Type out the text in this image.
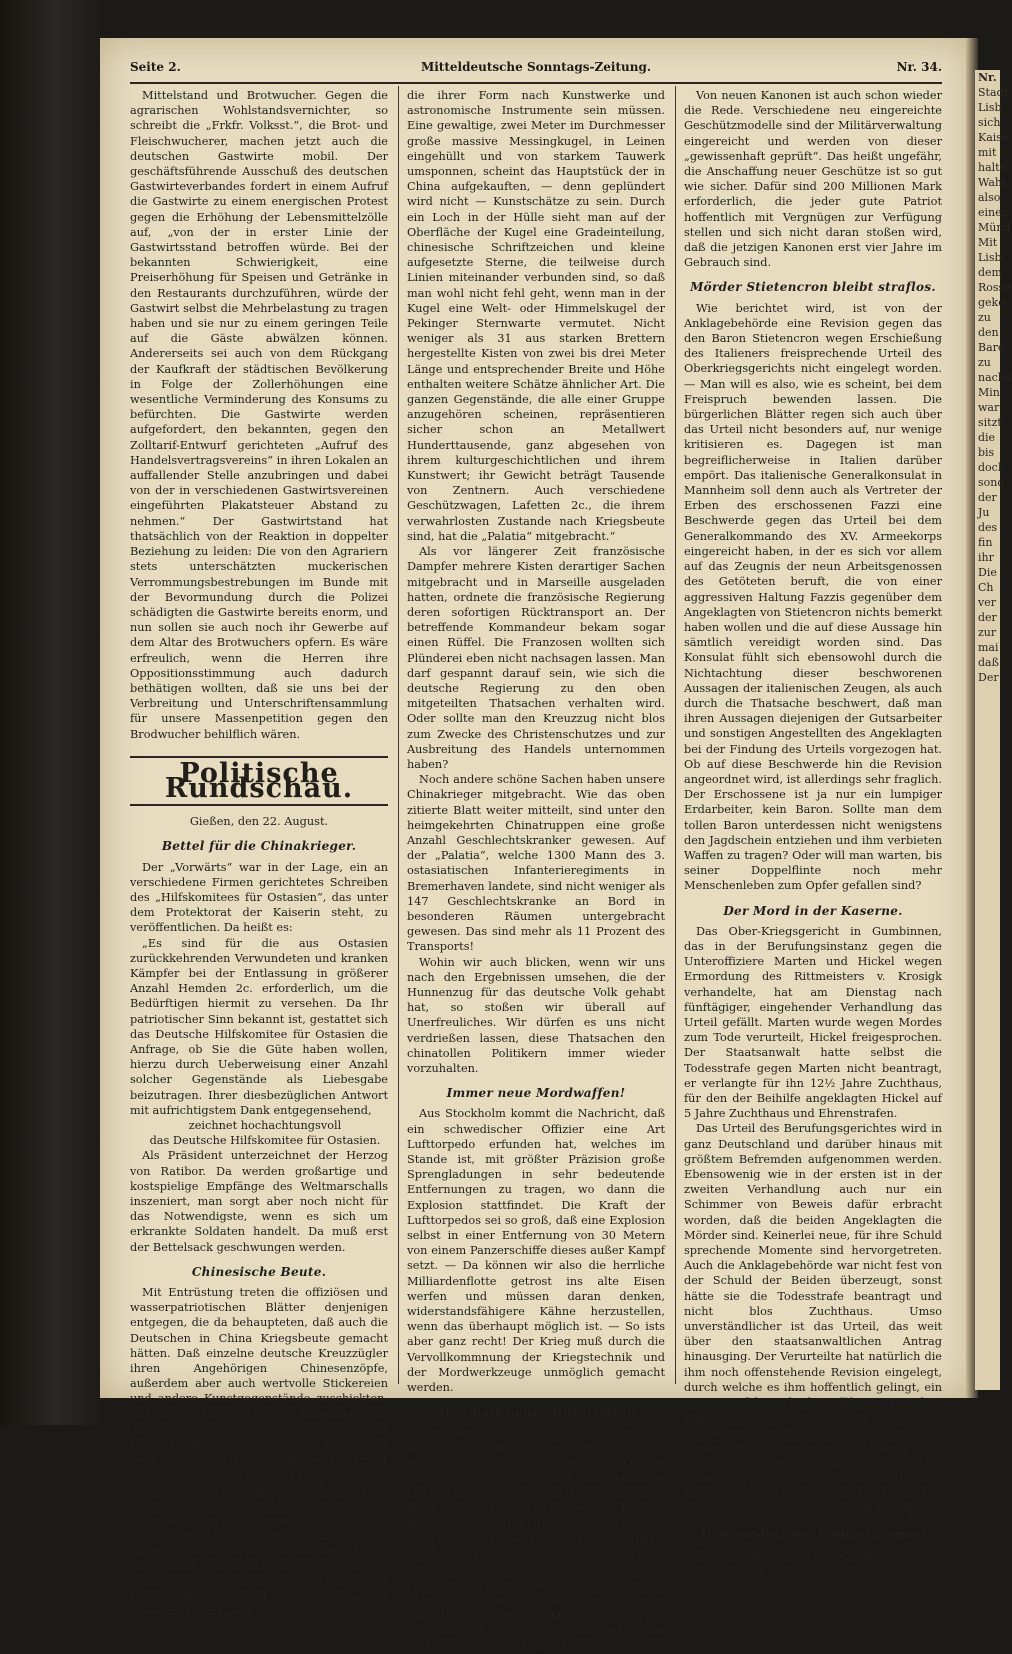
Seite 2.	Mitteldeutsche Sonntags-Zeitung.	Nr. 34.

Mittelstand und Brotwucher. Gegen die agrarischen Wohlstandsvernichter, so schreibt die „Frkfr. Volksst.“, die Brot- und Fleischwucherer, machen jetzt auch die deutschen Gastwirte mobil. Der geschäftsführende Ausschuß des deutschen Gastwirteverbandes fordert in einem Aufruf die Gastwirte zu einem energischen Protest gegen die Erhöhung der Lebensmittelzölle auf, „von der in erster Linie der Gastwirtsstand betroffen würde. Bei der bekannten Schwierigkeit, eine Preiserhöhung für Speisen und Getränke in den Restaurants durchzuführen, würde der Gastwirt selbst die Mehrbelastung zu tragen haben und sie nur zu einem geringen Teile auf die Gäste abwälzen können. Andererseits sei auch von dem Rückgang der Kaufkraft der städtischen Bevölkerung in Folge der Zollerhöhungen eine wesentliche Verminderung des Konsums zu befürchten. Die Gastwirte werden aufgefordert, den bekannten, gegen den Zolltarif-Entwurf gerichteten „Aufruf des Handelsvertragsvereins“ in ihren Lokalen an auffallender Stelle anzubringen und dabei von der in verschiedenen Gastwirtsvereinen eingeführten Plakatsteuer Abstand zu nehmen.“ Der Gastwirtstand hat thatsächlich von der Reaktion in doppelter Beziehung zu leiden: Die von den Agrariern stets unterschätzten muckerischen Verrommungsbestrebungen im Bunde mit der Bevormundung durch die Polizei schädigten die Gastwirte bereits enorm, und nun sollen sie auch noch ihr Gewerbe auf dem Altar des Brotwuchers opfern. Es wäre erfreulich, wenn die Herren ihre Oppositionsstimmung auch dadurch bethätigen wollten, daß sie uns bei der Verbreitung und Unterschriftensammlung für unsere Massenpetition gegen den Brodwucher behilflich wären.

Politische Rundschau.
Gießen, den 22. August.
Bettel für die Chinakrieger.

Der „Vorwärts“ war in der Lage, ein an verschiedene Firmen gerichtetes Schreiben des „Hilfskomitees für Ostasien“, das unter dem Protektorat der Kaiserin steht, zu veröffentlichen. Da heißt es:

„Es sind für die aus Ostasien zurückkehrenden Verwundeten und kranken Kämpfer bei der Entlassung in größerer Anzahl Hemden 2c. erforderlich, um die Bedürftigen hiermit zu versehen. Da Ihr patriotischer Sinn bekannt ist, gestattet sich das Deutsche Hilfskomitee für Ostasien die Anfrage, ob Sie die Güte haben wollen, hierzu durch Ueberweisung einer Anzahl solcher Gegenstände als Liebesgabe beizutragen. Ihrer diesbezüglichen Antwort mit aufrichtigstem Dank entgegensehend,

zeichnet hochachtungsvoll

das Deutsche Hilfskomitee für Ostasien.

Als Präsident unterzeichnet der Herzog von Ratibor. Da werden großartige und kostspielige Empfänge des Weltmarschalls inszeniert, man sorgt aber noch nicht für das Notwendigste, wenn es sich um erkrankte Soldaten handelt. Da muß erst der Bettelsack geschwungen werden.

Chinesische Beute.

Mit Entrüstung treten die offiziösen und wasserpatriotischen Blätter denjenigen entgegen, die da behaupteten, daß auch die Deutschen in China Kriegsbeute gemacht hätten. Daß einzelne deutsche Kreuzzügler ihren Angehörigen Chinesenzöpfe, außerdem aber auch wertvolle Stickereien und andere Kunstgegenstände zuschickten, ist bekannt. Das sind lauter „Andenken“, die dankbare Chinesen den braven Hunnenkriegern verehrten. Es giebt aber auch noch andere Kriegsbeute. Ueber merkwürdige, von den zurückgekehrten Chinadampfern in Wilhelmshaven ausgeladene Frachtstücke berichtet die „Norddeutsche Volksstimme“:

„Auf der Kaje vor dem Schiffe, das im Kaiserhafen am Barbarossaplatz liegt, lagert eine große Anzahl teils in Stroh, Roßhaar, Wolle und Segeltuch eingeschnürter, teils in Holzkisten gut verpackter Messinggegenstände

die ihrer Form nach Kunstwerke und astronomische Instrumente sein müssen. Eine gewaltige, zwei Meter im Durchmesser große massive Messingkugel, in Leinen eingehüllt und von starkem Tauwerk umsponnen, scheint das Hauptstück der in China aufgekauften, — denn geplündert wird nicht — Kunstschätze zu sein. Durch ein Loch in der Hülle sieht man auf der Oberfläche der Kugel eine Gradeinteilung, chinesische Schriftzeichen und kleine aufgesetzte Sterne, die teilweise durch Linien miteinander verbunden sind, so daß man wohl nicht fehl geht, wenn man in der Kugel eine Welt- oder Himmelskugel der Pekinger Sternwarte vermutet. Nicht weniger als 31 aus starken Brettern hergestellte Kisten von zwei bis drei Meter Länge und entsprechender Breite und Höhe enthalten weitere Schätze ähnlicher Art. Die ganzen Gegenstände, die alle einer Gruppe anzugehören scheinen, repräsentieren sicher schon an Metallwert Hunderttausende, ganz abgesehen von ihrem kulturgeschichtlichen und ihrem Kunstwert; ihr Gewicht beträgt Tausende von Zentnern. Auch verschiedene Geschützwagen, Lafetten 2c., die ihrem verwahrlosten Zustande nach Kriegsbeute sind, hat die „Palatia“ mitgebracht.“

Als vor längerer Zeit französische Dampfer mehrere Kisten derartiger Sachen mitgebracht und in Marseille ausgeladen hatten, ordnete die französische Regierung deren sofortigen Rücktransport an. Der betreffende Kommandeur bekam sogar einen Rüffel. Die Franzosen wollten sich Plünderei eben nicht nachsagen lassen. Man darf gespannt darauf sein, wie sich die deutsche Regierung zu den oben mitgeteilten Thatsachen verhalten wird. Oder sollte man den Kreuzzug nicht blos zum Zwecke des Christenschutzes und zur Ausbreitung des Handels unternommen haben?

Noch andere schöne Sachen haben unsere Chinakrieger mitgebracht. Wie das oben zitierte Blatt weiter mitteilt, sind unter den heimgekehrten Chinatruppen eine große Anzahl Geschlechtskranker gewesen. Auf der „Palatia“, welche 1300 Mann des 3. ostasiatischen Infanterieregiments in Bremerhaven landete, sind nicht weniger als 147 Geschlechtskranke an Bord in besonderen Räumen untergebracht gewesen. Das sind mehr als 11 Prozent des Transports!

Wohin wir auch blicken, wenn wir uns nach den Ergebnissen umsehen, die der Hunnenzug für das deutsche Volk gehabt hat, so stoßen wir überall auf Unerfreuliches. Wir dürfen es uns nicht verdrießen lassen, diese Thatsachen den chinatollen Politikern immer wieder vorzuhalten.

Immer neue Mordwaffen!

Aus Stockholm kommt die Nachricht, daß ein schwedischer Offizier eine Art Lufttorpedo erfunden hat, welches im Stande ist, mit größter Präzision große Sprengladungen in sehr bedeutende Entfernungen zu tragen, wo dann die Explosion stattfindet. Die Kraft der Lufttorpedos sei so groß, daß eine Explosion selbst in einer Entfernung von 30 Metern von einem Panzerschiffe dieses außer Kampf setzt. — Da können wir also die herrliche Milliardenflotte getrost ins alte Eisen werfen und müssen daran denken, widerstandsfähigere Kähne herzustellen, wenn das überhaupt möglich ist. — So ists aber ganz recht! Der Krieg muß durch die Vervollkommnung der Kriegstechnik und der Mordwerkzeuge unmöglich gemacht werden.

Abermals neue Militärlasten

sollen dem deutschen Michel aufgehalst werden. Wie ein Berliner Blatt mitteilt, ist man in den maßgebenden Kreisen überzeugt, daß uns eine Kolonialarmee „bitter notwendig“ sei und die Schaffung einer solchen habe bereits greifbare Formen angenommen. Blos die Geldfrage macht noch Schwierigkeiten, was wir gerne glauben. Für das Volk aber eröffnen sich nette Aussichten. Verteuerung aller Lebensmittel durch die Zölle und indirekte Steuern, dabei immerwährend neue Militärforderungen! Das zeigt, wie rücksichtslos der Militärstaat die Volksinteressen mit Füßen tritt.

Von neuen Kanonen ist auch schon wieder die Rede. Verschiedene neu eingereichte Geschützmodelle sind der Militärverwaltung eingereicht und werden von dieser „gewissenhaft geprüft“. Das heißt ungefähr, die Anschaffung neuer Geschütze ist so gut wie sicher. Dafür sind 200 Millionen Mark erforderlich, die jeder gute Patriot hoffentlich mit Vergnügen zur Verfügung stellen und sich nicht daran stoßen wird, daß die jetzigen Kanonen erst vier Jahre im Gebrauch sind.

Mörder Stietencron bleibt straflos.

Wie berichtet wird, ist von der Anklagebehörde eine Revision gegen das den Baron Stietencron wegen Erschießung des Italieners freisprechende Urteil des Oberkriegsgerichts nicht eingelegt worden. — Man will es also, wie es scheint, bei dem Freispruch bewenden lassen. Die bürgerlichen Blätter regen sich auch über das Urteil nicht besonders auf, nur wenige kritisieren es. Dagegen ist man begreiflicherweise in Italien darüber empört. Das italienische Generalkonsulat in Mannheim soll denn auch als Vertreter der Erben des erschossenen Fazzi eine Beschwerde gegen das Urteil bei dem Generalkommando des XV. Armeekorps eingereicht haben, in der es sich vor allem auf das Zeugnis der neun Arbeitsgenossen des Getöteten beruft, die von einer aggressiven Haltung Fazzis gegenüber dem Angeklagten von Stietencron nichts bemerkt haben wollen und die auf diese Aussage hin sämtlich vereidigt worden sind. Das Konsulat fühlt sich ebensowohl durch die Nichtachtung dieser beschworenen Aussagen der italienischen Zeugen, als auch durch die Thatsache beschwert, daß man ihren Aussagen diejenigen der Gutsarbeiter und sonstigen Angestellten des Angeklagten bei der Findung des Urteils vorgezogen hat. Ob auf diese Beschwerde hin die Revision angeordnet wird, ist allerdings sehr fraglich. Der Erschossene ist ja nur ein lumpiger Erdarbeiter, kein Baron. Sollte man dem tollen Baron unterdessen nicht wenigstens den Jagdschein entziehen und ihm verbieten Waffen zu tragen? Oder will man warten, bis seiner Doppelflinte noch mehr Menschenleben zum Opfer gefallen sind?

Der Mord in der Kaserne.

Das Ober-Kriegsgericht in Gumbinnen, das in der Berufungsinstanz gegen die Unteroffiziere Marten und Hickel wegen Ermordung des Rittmeisters v. Krosigk verhandelte, hat am Dienstag nach fünftägiger, eingehender Verhandlung das Urteil gefällt. Marten wurde wegen Mordes zum Tode verurteilt, Hickel freigesprochen. Der Staatsanwalt hatte selbst die Todesstrafe gegen Marten nicht beantragt, er verlangte für ihn 12½ Jahre Zuchthaus, für den der Beihilfe angeklagten Hickel auf 5 Jahre Zuchthaus und Ehrenstrafen.

Das Urteil des Berufungsgerichtes wird in ganz Deutschland und darüber hinaus mit größtem Befremden aufgenommen werden. Ebensowenig wie in der ersten ist in der zweiten Verhandlung auch nur ein Schimmer von Beweis dafür erbracht worden, daß die beiden Angeklagten die Mörder sind. Keinerlei neue, für ihre Schuld sprechende Momente sind hervorgetreten. Auch die Anklagebehörde war nicht fest von der Schuld der Beiden überzeugt, sonst hätte sie die Todesstrafe beantragt und nicht blos Zuchthaus. Umso unverständlicher ist das Urteil, das weit über den staatsanwaltlichen Antrag hinausging. Der Verurteilte hat natürlich die ihm noch offenstehende Revision eingelegt, durch welche es ihm hoffentlich gelingt, ein neues Verfahren herbeizuführen. Trotzdem gegen früher in dem Militärgerichtsverfahren manche Verbesserung eingetreten ist, krankt doch die neue Strafgerichtsordnung noch an so schweren Mängeln, daß eine durchgreifende Aenderung unabweisbar erscheint. Das hat der Prozeß mit aller Deutlichkeit gezeigt.

Männerstolz vor Königsthronen!

Zur Berliner Bürgermeisterwahl wird berichtet, daß man in den Kreisen der

Nr.
Stadt
Lisb
sich
Kaise
mit
halte
Wahl
also
einen
Münd
Mit
Lisb
dem
Rosse
geko
zu
den
Baro
zu
nachd
Min
war
sitzt
die
bis
doch
sond
der
Ju
des
fin
ihr
Die
Ch
ver
der
zur
mai
daß
Der
